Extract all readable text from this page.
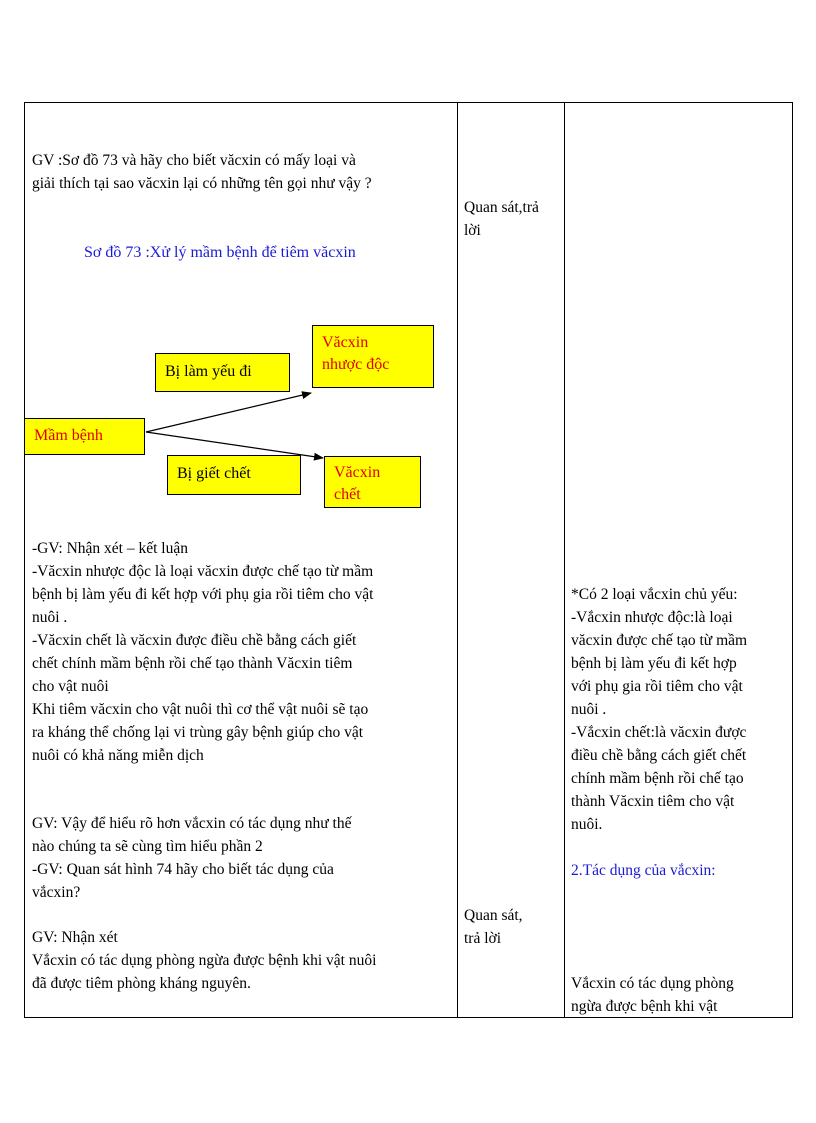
GV :Sơ đồ 73 và hãy cho biết văcxin có mấy loại và
giải thích tại sao văcxin lại có những tên gọi như vậy ?
Sơ đồ 73 :Xử lý mầm bệnh để tiêm văcxin
Mầm bệnh
Bị làm yếu đi
Văcxin
nhược độc
Bị giết chết	Văcxin
chết
-GV: Nhận xét – kết luận
-Văcxin nhược độc là loại văcxin được chế tạo từ mầm
bệnh bị làm yếu đi kết hợp với phụ gia rồi tiêm cho vật
nuôi .
-Văcxin chết là văcxin được điều chề bằng cách giết
chết chính mầm bệnh rồi chế tạo thành Văcxin tiêm
cho vật nuôi
Khi tiêm văcxin cho vật nuôi thì cơ thể vật nuôi sẽ tạo
ra kháng thể chống lại vi trùng gây bệnh giúp cho vật
nuôi có khả năng miễn dịch
GV: Vậy để hiểu rõ hơn vắcxin có tác dụng như thế
nào chúng ta sẽ cùng tìm hiểu phần 2
-GV: Quan sát hình 74 hãy cho biết tác dụng của
vắcxin?
GV: Nhận xét
Vắcxin có tác dụng phòng ngừa được bệnh khi vật nuôi
đã được tiêm phòng kháng nguyên.
Quan sát,trả
lời
Quan sát,
trả lời
*Có 2 loại vắcxin chủ yếu:
-Vắcxin nhược độc:là loại
văcxin được chế tạo từ mầm
bệnh bị làm yếu đi kết hợp
với phụ gia rồi tiêm cho vật
nuôi .
-Vắcxin chết:là văcxin được
điều chề bằng cách giết chết
chính mầm bệnh rồi chế tạo
thành Văcxin tiêm cho vật
nuôi.
2.Tác dụng của vắcxin:
Vắcxin có tác dụng phòng
ngừa được bệnh khi vật
